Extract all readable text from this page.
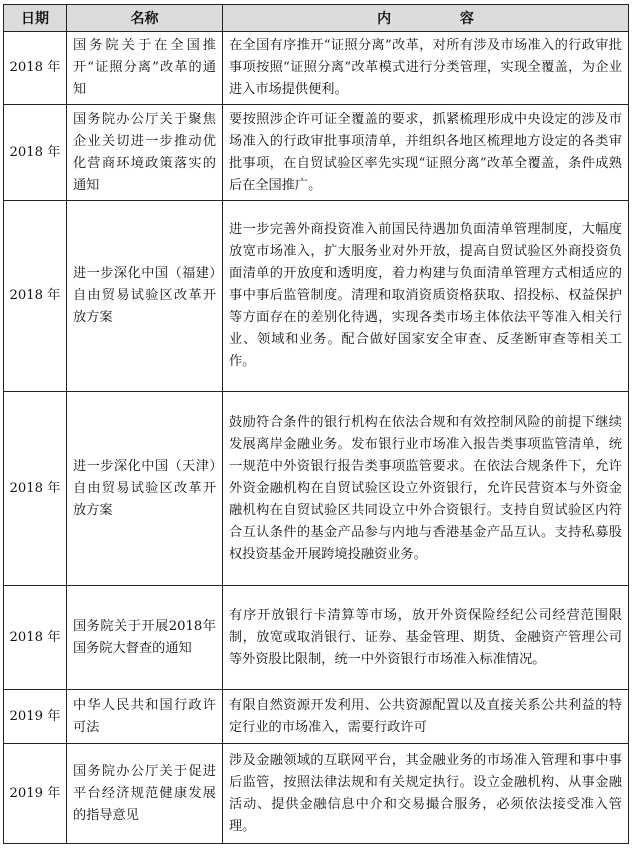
日期	名称	内 容
2018 年	国务院关于在全国推开“证照分离”改革的通知	在全国有序推开“证照分离”改革，对所有涉及市场准入的行政审批事项按照“证照分离”改革模式进行分类管理，实现全覆盖，为企业进入市场提供便利。
2018 年	国务院办公厅关于聚焦企业关切进一步推动优化营商环境政策落实的通知	要按照涉企许可证全覆盖的要求，抓紧梳理形成中央设定的涉及市场准入的行政审批事项清单，并组织各地区梳理地方设定的各类审批事项，在自贸试验区率先实现“证照分离”改革全覆盖，条件成熟后在全国推广。
2018 年	进一步深化中国（福建）自由贸易试验区改革开放方案	进一步完善外商投资准入前国民待遇加负面清单管理制度，大幅度放宽市场准入，扩大服务业对外开放，提高自贸试验区外商投资负面清单的开放度和透明度，着力构建与负面清单管理方式相适应的事中事后监管制度。清理和取消资质资格获取、招投标、权益保护等方面存在的差别化待遇，实现各类市场主体依法平等准入相关行业、领域和业务。配合做好国家安全审查、反垄断审查等相关工作。
2018 年	进一步深化中国（天津）自由贸易试验区改革开放方案	鼓励符合条件的银行机构在依法合规和有效控制风险的前提下继续发展离岸金融业务。发布银行业市场准入报告类事项监管清单，统一规范中外资银行报告类事项监管要求。在依法合规条件下，允许外资金融机构在自贸试验区设立外资银行，允许民营资本与外资金融机构在自贸试验区共同设立中外合资银行。支持自贸试验区内符合互认条件的基金产品参与内地与香港基金产品互认。支持私募股权投资基金开展跨境投融资业务。
2018 年	国务院关于开展2018年国务院大督查的通知	有序开放银行卡清算等市场，放开外资保险经纪公司经营范围限制，放宽或取消银行、证券、基金管理、期货、金融资产管理公司等外资股比限制，统一中外资银行市场准入标准情况。
2019 年	中华人民共和国行政许可法	有限自然资源开发利用、公共资源配置以及直接关系公共利益的特定行业的市场准入，需要行政许可
2019 年	国务院办公厅关于促进平台经济规范健康发展的指导意见	涉及金融领域的互联网平台，其金融业务的市场准入管理和事中事后监管，按照法律法规和有关规定执行。设立金融机构、从事金融活动、提供金融信息中介和交易撮合服务，必须依法接受准入管理。
